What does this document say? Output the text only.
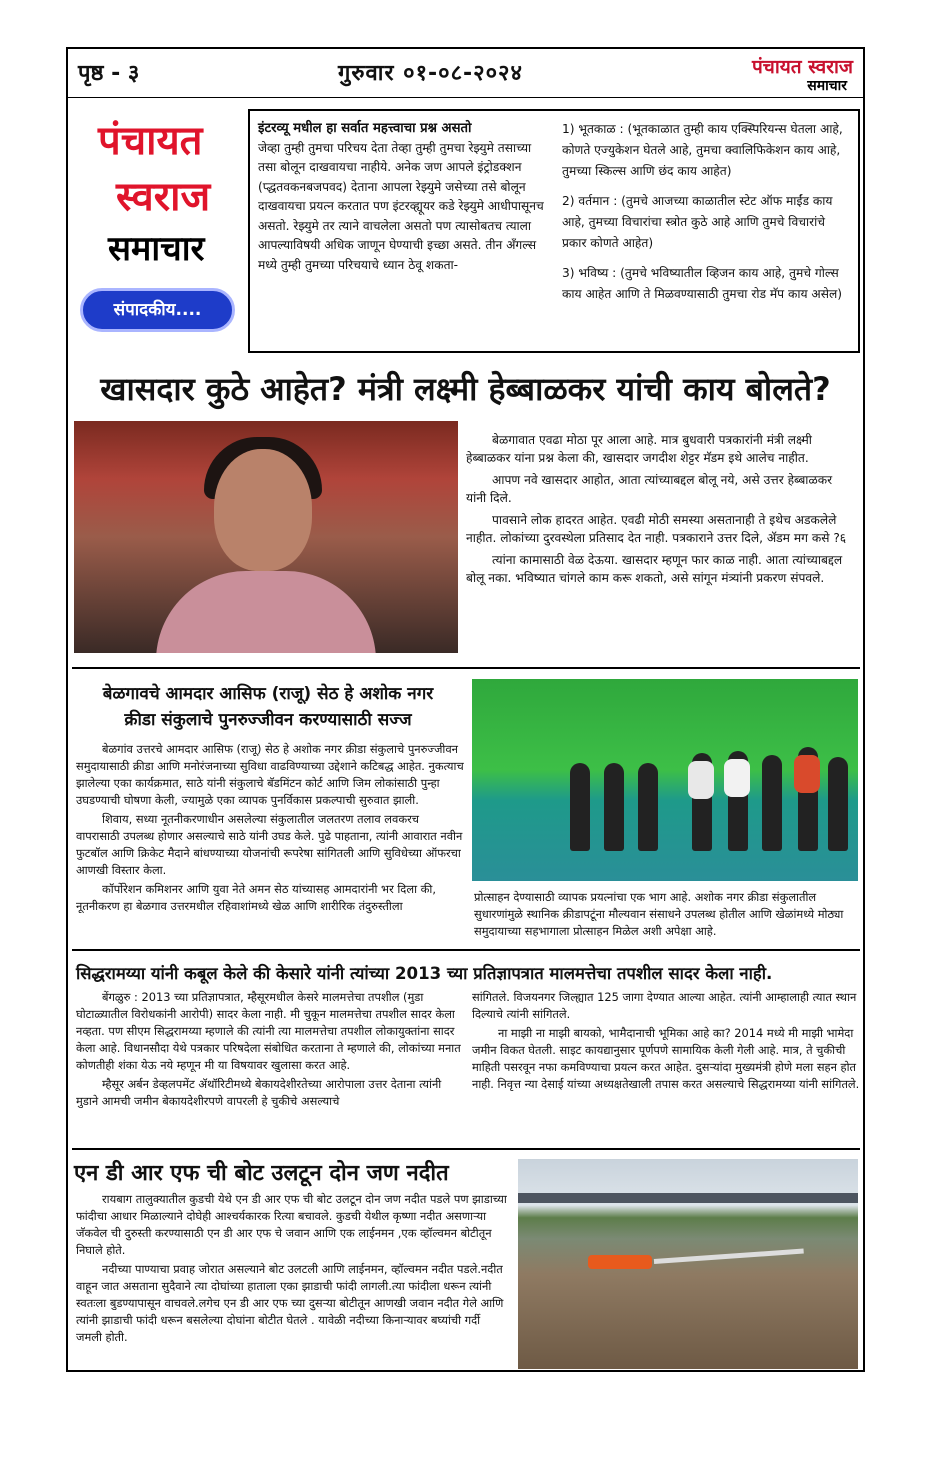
पृष्ठ - ३	गुरुवार ०१-०८-२०२४	पंचायत स्वराज
समाचार
पंचायत
स्वराज
समाचार
संपादकीय....
इंटरव्यू मधील हा सर्वात महत्त्वाचा प्रश्न असतो
जेव्हा तुम्ही तुमचा परिचय देता तेव्हा तुम्ही तुमचा रेझ्युमे तसाच्या तसा बोलून दाखवायचा नाहीये. अनेक जण आपले इंट्रोडक्शन (प्द्धतवकनबजपवद) देताना आपला रेझ्युमे जसेच्या तसे बोलून दाखवायचा प्रयत्न करतात पण इंटरव्ह्यूयर कडे रेझ्युमे आधीपासूनच असतो. रेझ्युमे तर त्याने वाचलेला असतो पण त्यासोबतच त्याला आपल्याविषयी अधिक जाणून घेण्याची इच्छा असते. तीन ॲंगल्स मध्ये तुम्ही तुमच्या परिचयाचे ध्यान ठेवू शकता-

1) भूतकाळ : (भूतकाळात तुम्ही काय एक्स्पिरियन्स घेतला आहे, कोणते एज्युकेशन घेतले आहे, तुमचा क्वालिफिकेशन काय आहे, तुमच्या स्किल्स आणि छंद काय आहेत)

2) वर्तमान : (तुमचे आजच्या काळातील स्टेट ऑफ माईंड काय आहे, तुमच्या विचारांचा स्त्रोत कुठे आहे आणि तुमचे विचारांचे प्रकार कोणते आहेत)

3) भविष्य : (तुमचे भविष्यातील व्हिजन काय आहे, तुमचे गोल्स काय आहेत आणि ते मिळवण्यासाठी तुमचा रोड मॅप काय असेल)

खासदार कुठे आहेत? मंत्री लक्ष्मी हेब्बाळकर यांची काय बोलते?

बेळगावात एवढा मोठा पूर आला आहे. मात्र बुधवारी पत्रकारांनी मंत्री लक्ष्मी हेब्बाळकर यांना प्रश्न केला की, खासदार जगदीश शेट्टर मॅडम इथे आलेच नाहीत.

आपण नवे खासदार आहोत, आता त्यांच्याबद्दल बोलू नये, असे उत्तर हेब्बाळकर यांनी दिले.

पावसाने लोक हादरत आहेत. एवढी मोठी समस्या असतानाही ते इथेच अडकलेले नाहीत. लोकांच्या दुरवस्थेला प्रतिसाद देत नाही. पत्रकाराने उत्तर दिले, ॲडम मग कसे ?६

त्यांना कामासाठी वेळ देऊया. खासदार म्हणून फार काळ नाही. आता त्यांच्याबद्दल बोलू नका. भविष्यात चांगले काम करू शकतो, असे सांगून मंत्र्यांनी प्रकरण संपवले.

बेळगावचे आमदार आसिफ (राजू) सेठ हे अशोक नगर
क्रीडा संकुलाचे पुनरुज्जीवन करण्यासाठी सज्ज

बेळगांव उत्तरचे आमदार आसिफ (राजू) सेठ हे अशोक नगर क्रीडा संकुलाचे पुनरुज्जीवन समुदायासाठी क्रीडा आणि मनोरंजनाच्या सुविधा वाढविण्याच्या उद्देशाने कटिबद्ध आहेत. नुकत्याच झालेल्या एका कार्यक्रमात, साठे यांनी संकुलाचे बॅडमिंटन कोर्ट आणि जिम लोकांसाठी पुन्हा उघडण्याची घोषणा केली, ज्यामुळे एका व्यापक पुनर्विकास प्रकल्पाची सुरुवात झाली.

शिवाय, सध्या नूतनीकरणाधीन असलेल्या संकुलातील जलतरण तलाव लवकरच वापरासाठी उपलब्ध होणार असल्याचे साठे यांनी उघड केले. पुढे पाहताना, त्यांनी आवारात नवीन फुटबॉल आणि क्रिकेट मैदाने बांधण्याच्या योजनांची रूपरेषा सांगितली आणि सुविधेच्या ऑफरचा आणखी विस्तार केला.

कॉर्पोरेशन कमिशनर आणि युवा नेते अमन सेठ यांच्यासह आमदारांनी भर दिला की, नूतनीकरण हा बेळगाव उत्तरमधील रहिवाशांमध्ये खेळ आणि शारीरिक तंदुरुस्तीला

प्रोत्साहन देण्यासाठी व्यापक प्रयत्नांचा एक भाग आहे. अशोक नगर क्रीडा संकुलातील सुधारणांमुळे स्थानिक क्रीडापटूंना मौल्यवान संसाधने उपलब्ध होतील आणि खेळांमध्ये मोठ्या समुदायाच्या सहभागाला प्रोत्साहन मिळेल अशी अपेक्षा आहे.
सिद्धरामय्या यांनी कबूल केले की केसारे यांनी त्यांच्या 2013 च्या प्रतिज्ञापत्रात मालमत्तेचा तपशील सादर केला नाही.

बेंगळुरु : 2013 च्या प्रतिज्ञापत्रात, म्हैसूरमधील केसरे मालमत्तेचा तपशील (मुडा घोटाळ्यातील विरोधकांनी आरोपी) सादर केला नाही. मी चुकून मालमत्तेचा तपशील सादर केला नव्हता. पण सीएम सिद्धरामय्या म्हणाले की त्यांनी त्या मालमत्तेचा तपशील लोकायुक्तांना सादर केला आहे. विधानसौदा येथे पत्रकार परिषदेला संबोधित करताना ते म्हणाले की, लोकांच्या मनात कोणतीही शंका येऊ नये म्हणून मी या विषयावर खुलासा करत आहे.

म्हैसूर अर्बन डेव्हलपमेंट ॲथॉरिटीमध्ये बेकायदेशीरतेच्या आरोपाला उत्तर देताना त्यांनी मुडाने आमची जमीन बेकायदेशीरपणे वापरली हे चुकीचे असल्याचे

सांगितले. विजयनगर जिल्ह्यात 125 जागा देण्यात आल्या आहेत. त्यांनी आम्हालाही त्यात स्थान दिल्याचे त्यांनी सांगितले.

ना माझी ना माझी बायको, भामैदानाची भूमिका आहे का? 2014 मध्ये मी माझी भामेदा जमीन विकत घेतली. साइट कायद्यानुसार पूर्णपणे सामायिक केली गेली आहे. मात्र, ते चुकीची माहिती पसरवून नफा कमविण्याचा प्रयत्न करत आहेत. दुसऱ्यांदा मुख्यमंत्री होणे मला सहन होत नाही. निवृत्त न्या देसाई यांच्या अध्यक्षतेखाली तपास करत असल्याचे सिद्धरामय्या यांनी सांगितले.

एन डी आर एफ ची बोट उलटून दोन जण नदीत

रायबाग तालुक्यातील कुडची येथे एन डी आर एफ ची बोट उलटून दोन जण नदीत पडले पण झाडाच्या फांदीचा आधार मिळाल्याने दोघेही आश्चर्यकारक रित्या बचावले. कुडची येथील कृष्णा नदीत असणाऱ्या जॅकवेल ची दुरुस्ती करण्यासाठी एन डी आर एफ चे जवान आणि एक लाईनमन ,एक व्हॉल्वमन बोटीतून निघाले होते.

नदीच्या पाण्याचा प्रवाह जोरात असल्याने बोट उलटली आणि लाईनमन, व्हॉल्वमन नदीत पडले.नदीत वाहून जात असताना सुदैवाने त्या दोघांच्या हाताला एका झाडाची फांदी लागली.त्या फांदीला धरून त्यांनी स्वतःला बुडण्यापासून वाचवले.लगेच एन डी आर एफ च्या दुसऱ्या बोटीतून आणखी जवान नदीत गेले आणि त्यांनी झाडाची फांदी धरून बसलेल्या दोघांना बोटीत घेतले . यावेळी नदीच्या किनाऱ्यावर बघ्यांची गर्दी जमली होती.
